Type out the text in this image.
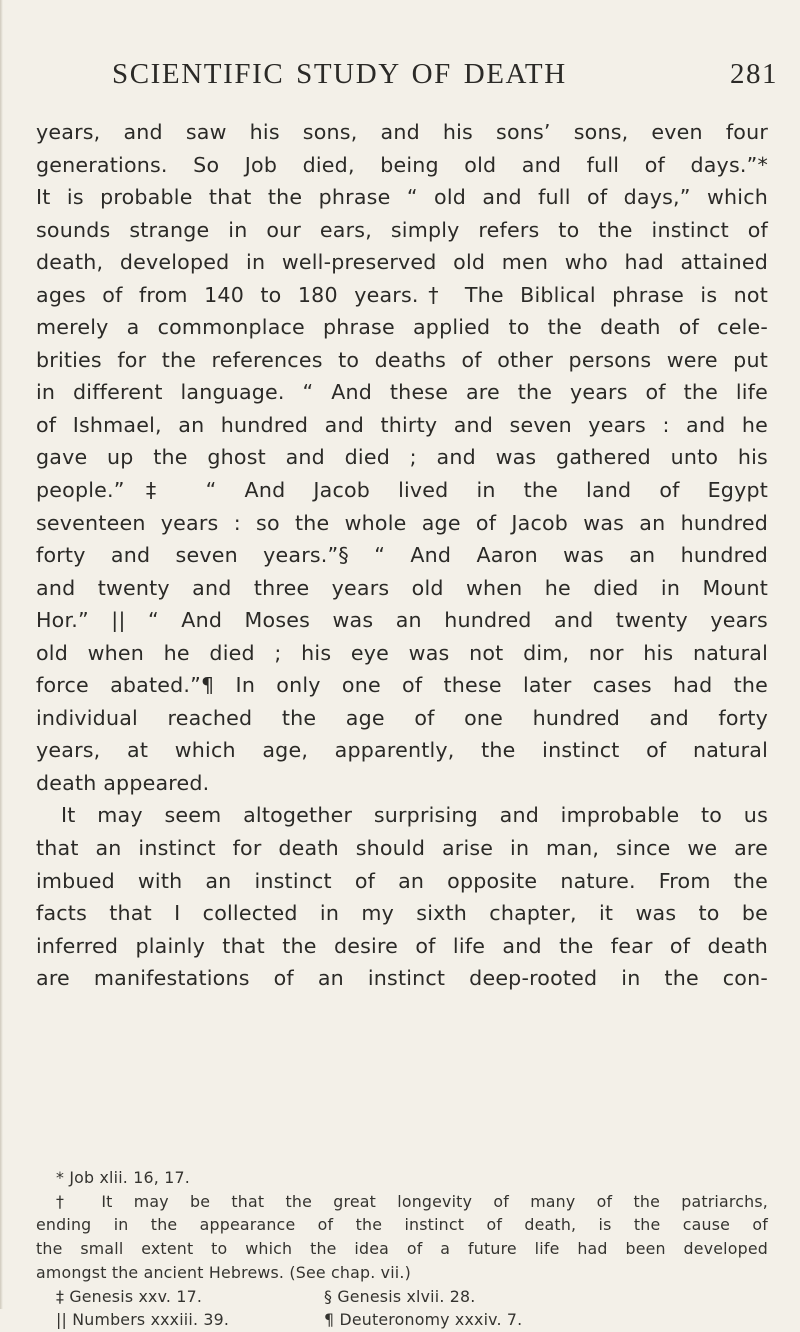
SCIENTIFIC STUDY OF DEATH	281

years, and saw his sons, and his sons’ sons, even four

generations. So Job died, being old and full of days.”*

It is probable that the phrase “ old and full of days,” which

sounds strange in our ears, simply refers to the instinct of

death, developed in well-preserved old men who had attained

ages of from 140 to 180 years.† The Biblical phrase is not

merely a commonplace phrase applied to the death of cele-

brities for the references to deaths of other persons were put

in different language. “ And these are the years of the life

of Ishmael, an hundred and thirty and seven years : and he

gave up the ghost and died ; and was gathered unto his

people.”‡ “ And Jacob lived in the land of Egypt

seventeen years : so the whole age of Jacob was an hundred

forty and seven years.”§ “ And Aaron was an hundred

and twenty and three years old when he died in Mount

Hor.” || “ And Moses was an hundred and twenty years

old when he died ; his eye was not dim, nor his natural

force abated.”¶ In only one of these later cases had the

individual reached the age of one hundred and forty

years, at which age, apparently, the instinct of natural

death appeared.

It may seem altogether surprising and improbable to us

that an instinct for death should arise in man, since we are

imbued with an instinct of an opposite nature. From the

facts that I collected in my sixth chapter, it was to be

inferred plainly that the desire of life and the fear of death

are manifestations of an instinct deep-rooted in the con-

* Job xlii. 16, 17.

† It may be that the great longevity of many of the patriarchs,

ending in the appearance of the instinct of death, is the cause of

the small extent to which the idea of a future life had been developed

amongst the ancient Hebrews. (See chap. vii.)

‡ Genesis xxv. 17.	§ Genesis xlvii. 28.
|| Numbers xxxiii. 39.	¶ Deuteronomy xxxiv. 7.
